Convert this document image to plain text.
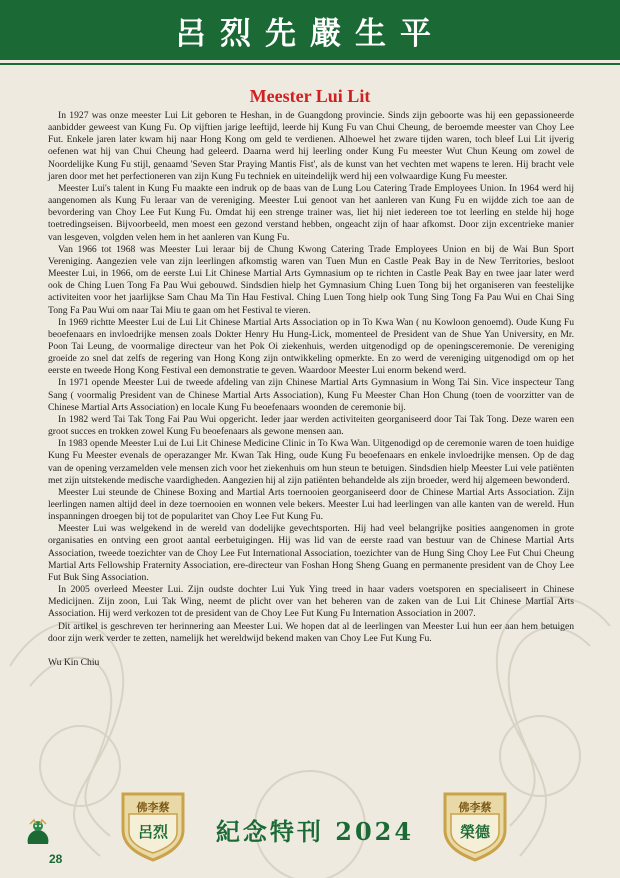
呂烈先嚴生平
Meester Lui Lit

In 1927 was onze meester Lui Lit geboren te Heshan, in de Guangdong provincie. Sinds zijn geboorte was hij een gepassioneerde aanbidder geweest van Kung Fu. Op vijftien jarige leeftijd, leerde hij Kung Fu van Chui Cheung, de beroemde meester van Choy Lee Fut. Enkele jaren later kwam hij naar Hong Kong om geld te verdienen. Alhoewel het zware tijden waren, toch bleef Lui Lit ijverig oefenen wat hij van Chui Cheung had geleerd. Daarna werd hij leerling onder Kung Fu meester Wut Chun Keung om zowel de Noordelijke Kung Fu stijl, genaamd 'Seven Star Praying Mantis Fist', als de kunst van het vechten met wapens te leren. Hij bracht vele jaren door met het perfectioneren van zijn Kung Fu techniek en uiteindelijk werd hij een volwaardige Kung Fu meester.

Meester Lui's talent in Kung Fu maakte een indruk op de baas van de Lung Lou Catering Trade Employees Union. In 1964 werd hij aangenomen als Kung Fu leraar van de vereniging. Meester Lui genoot van het aanleren van Kung Fu en wijdde zich toe aan de bevordering van Choy Lee Fut Kung Fu. Omdat hij een strenge trainer was, liet hij niet iedereen toe tot leerling en stelde hij hoge toetredingseisen. Bijvoorbeeld, men moest een gezond verstand hebben, ongeacht zijn of haar afkomst. Door zijn excentrieke manier van lesgeven, volgden velen hem in het aanleren van Kung Fu.

Van 1966 tot 1968 was Meester Lui leraar bij de Chung Kwong Catering Trade Employees Union en bij de Wai Bun Sport Vereniging. Aangezien vele van zijn leerlingen afkomstig waren van Tuen Mun en Castle Peak Bay in de New Territories, besloot Meester Lui, in 1966, om de eerste Lui Lit Chinese Martial Arts Gymnasium op te richten in Castle Peak Bay en twee jaar later werd ook de Ching Luen Tong Fa Pau Wui gebouwd. Sindsdien hielp het Gymnasium Ching Luen Tong bij het organiseren van feestelijke activiteiten voor het jaarlijkse Sam Chau Ma Tin Hau Festival. Ching Luen Tong hielp ook Tung Sing Tong Fa Pau Wui en Chai Sing Tong Fa Pau Wui om naar Tai Miu te gaan om het Festival te vieren.

In 1969 richtte Meester Lui de Lui Lit Chinese Martial Arts Association op in To Kwa Wan ( nu Kowloon genoemd). Oude Kung Fu beoefenaars en invloedrijke mensen zoals Dokter Henry Hu Hung-Lick, momenteel de President van de Shue Yan University, en Mr. Poon Tai Leung, de voormalige directeur van het Pok Oi ziekenhuis, werden uitgenodigd op de openingsceremonie. De vereniging groeide zo snel dat zelfs de regering van Hong Kong zijn ontwikkeling opmerkte. En zo werd de vereniging uitgenodigd om op het eerste en tweede Hong Kong Festival een demonstratie te geven. Waardoor Meester Lui enorm bekend werd.

In 1971 opende Meester Lui de tweede afdeling van zijn Chinese Martial Arts Gymnasium in Wong Tai Sin. Vice inspecteur Tang Sang ( voormalig President van de Chinese Martial Arts Association), Kung Fu Meester Chan Hon Chung (toen de voorzitter van de Chinese Martial Arts Association) en locale Kung Fu beoefenaars woonden de ceremonie bij.

In 1982 werd Tai Tak Tong Fai Pau Wui opgericht. Ieder jaar werden activiteiten georganiseerd door Tai Tak Tong. Deze waren een groot succes en trokken zowel Kung Fu beoefenaars als gewone mensen aan.

In 1983 opende Meester Lui de Lui Lit Chinese Medicine Clinic in To Kwa Wan. Uitgenodigd op de ceremonie waren de toen huidige Kung Fu Meester evenals de operazanger Mr. Kwan Tak Hing, oude Kung Fu beoefenaars en enkele invloedrijke mensen. Op de dag van de opening verzamelden vele mensen zich voor het ziekenhuis om hun steun te betuigen. Sindsdien hielp Meester Lui vele patiënten met zijn uitstekende medische vaardigheden. Aangezien hij al zijn patiënten behandelde als zijn broeder, werd hij algemeen bewonderd.

Meester Lui steunde de Chinese Boxing and Martial Arts toernooien georganiseerd door de Chinese Martial Arts Association. Zijn leerlingen namen altijd deel in deze toernooien en wonnen vele bekers. Meester Lui had leerlingen van alle kanten van de wereld. Hun inspanningen droegen bij tot de popularitet van Choy Lee Fut Kung Fu.

Meester Lui was welgekend in de wereld van dodelijke gevechtsporten. Hij had veel belangrijke posities aangenomen in grote organisaties en ontving een groot aantal eerbetuigingen. Hij was lid van de eerste raad van bestuur van de Chinese Martial Arts Association, tweede toezichter van de Choy Lee Fut International Association, toezichter van de Hung Sing Choy Lee Fut Chui Cheung Martial Arts Fellowship Fraternity Association, ere-directeur van Foshan Hong Sheng Guang en permanente president van de Choy Lee Fut Buk Sing Association.

In 2005 overleed Meester Lui. Zijn oudste dochter Lui Yuk Ying treed in haar vaders voetsporen en specialiseert in Chinese Medicijnen. Zijn zoon, Lui Tak Wing, neemt de plicht over van het beheren van de zaken van de Lui Lit Chinese Martial Arts Association. Hij werd verkozen tot de president van de Choy Lee Fut Kung Fu Internation Association in 2007.

Dit artikel is geschreven ter herinnering aan Meester Lui. We hopen dat al de leerlingen van Meester Lui hun eer aan hem betuigen door zijn werk verder te zetten, namelijk het wereldwijd bekend maken van Choy Lee Fut Kung Fu.

Wu Kin Chiu

28
佛李蔡
呂烈	紀念特刊 2024
佛李蔡
榮德
